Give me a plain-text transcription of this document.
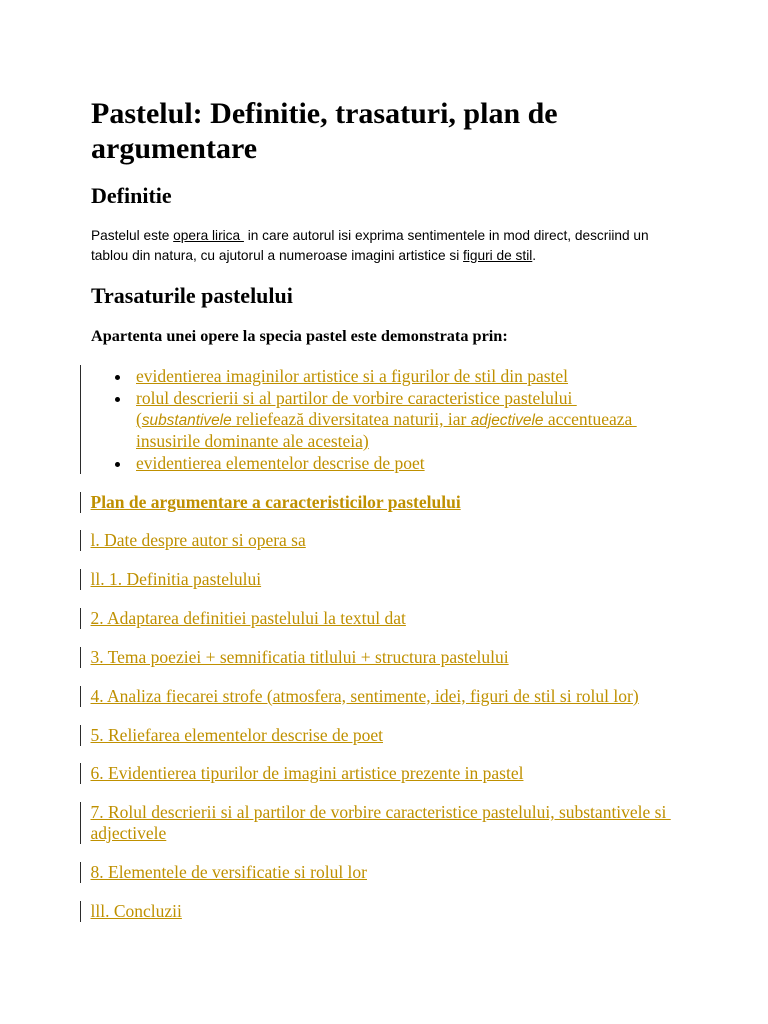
Pastelul: Definitie, trasaturi, plan de argumentare
Definitie
Pastelul este opera lirica  in care autorul isi exprima sentimentele in mod direct, descriind un
tablou din natura, cu ajutorul a numeroase imagini artistice si figuri de stil.
Trasaturile pastelului
Apartenta unei opere la specia pastel este demonstrata prin:
evidentierea imaginilor artistice si a figurilor de stil din pastel
rolul descrierii si al partilor de vorbire caracteristice pastelului
(substantivele reliefează diversitatea naturii, iar adjectivele accentueaza
insusirile dominante ale acesteia)
evidentierea elementelor descrise de poet

Plan de argumentare a caracteristicilor pastelului

l. Date despre autor si opera sa

ll. 1. Definitia pastelului

2. Adaptarea definitiei pastelului la textul dat

3. Tema poeziei + semnificatia titlului + structura pastelului

4. Analiza fiecarei strofe (atmosfera, sentimente, idei, figuri de stil si rolul lor)

5. Reliefarea elementelor descrise de poet

6. Evidentierea tipurilor de imagini artistice prezente in pastel

7. Rolul descrierii si al partilor de vorbire caracteristice pastelului, substantivele si
adjectivele

8. Elementele de versificatie si rolul lor

lll. Concluzii
